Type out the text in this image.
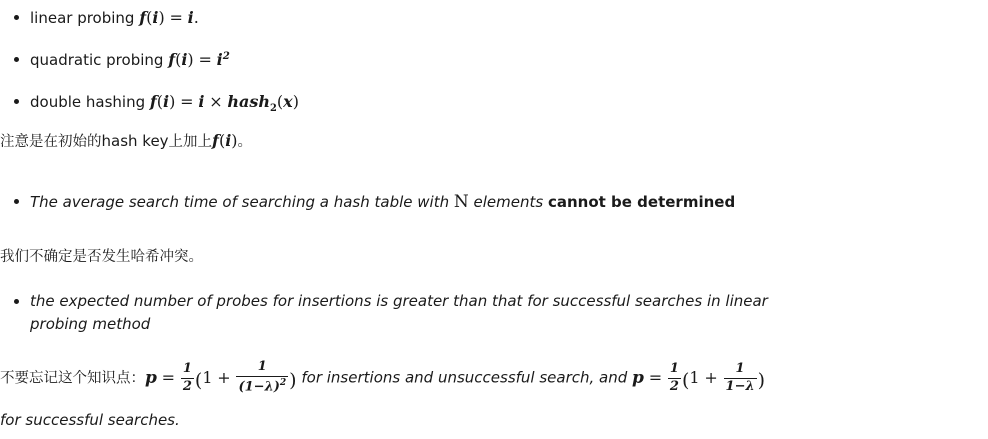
linear probing f(i) = i.
quadratic probing $f(i) = i^2$
double hashing f(i) = i × hash$_2$(x)
注意是在初始的hash key上加上f(i)。
The average search time of searching a hash table with N elements cannot be determined
我们不确定是否发生哈希冲突。
the expected number of probes for insertions is greater than that for successful searches in linear
probing method
不要忘记这个知识点：$p = \frac{1}{2} (1 + \frac{1}{(1-\lambda)^2}$ ) for insertions and unsuccessful search, and $p = \frac{1}{2} (1 + \frac{1}{1-\lambda}$ )
for successful searches.
